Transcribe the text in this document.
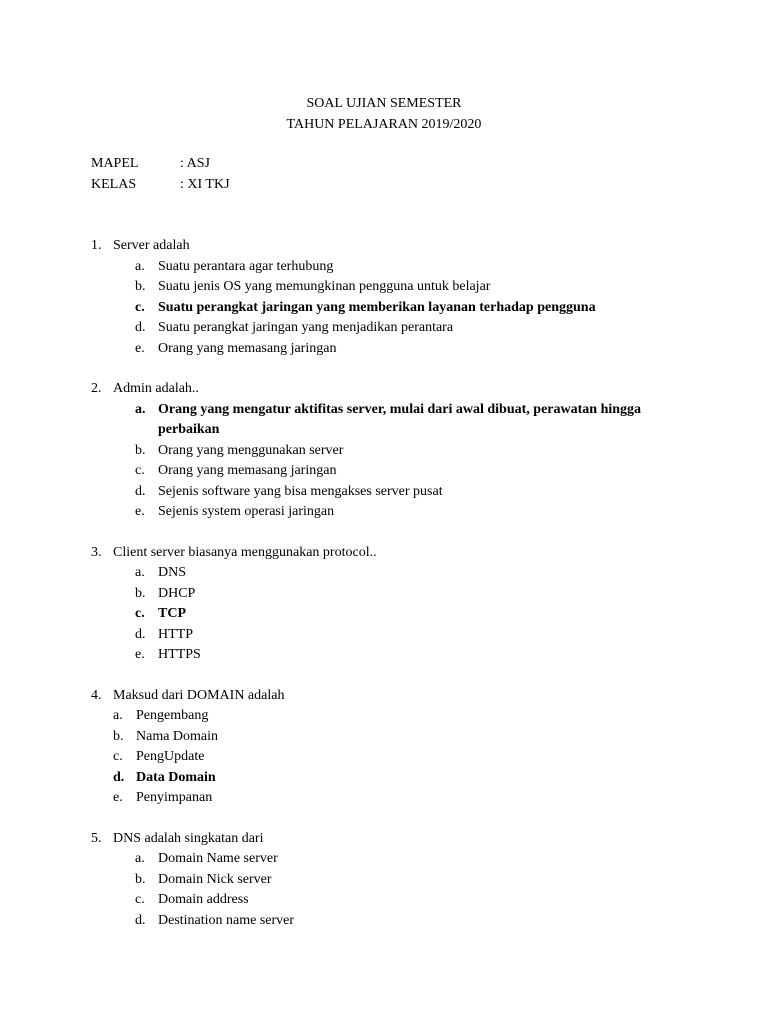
SOAL UJIAN SEMESTER
TAHUN PELAJARAN 2019/2020
MAPEL	: ASJ
KELAS	: XI TKJ
1. Server adalah
a. Suatu perantara agar terhubung
b. Suatu jenis OS yang memungkinan pengguna untuk belajar
c. Suatu perangkat jaringan yang memberikan layanan terhadap pengguna
d. Suatu perangkat jaringan yang menjadikan perantara
e. Orang yang memasang jaringan
2. Admin adalah..
a. Orang yang mengatur aktifitas server, mulai dari awal dibuat, perawatan hingga perbaikan
b. Orang yang menggunakan server
c. Orang yang memasang jaringan
d. Sejenis software yang bisa mengakses server pusat
e. Sejenis system operasi jaringan
3. Client server biasanya menggunakan protocol..
a. DNS
b. DHCP
c. TCP
d. HTTP
e. HTTPS
4. Maksud dari DOMAIN adalah
a. Pengembang
b. Nama Domain
c. PengUpdate
d. Data Domain
e. Penyimpanan
5. DNS adalah singkatan dari
a. Domain Name server
b. Domain Nick server
c. Domain address
d. Destination name server
